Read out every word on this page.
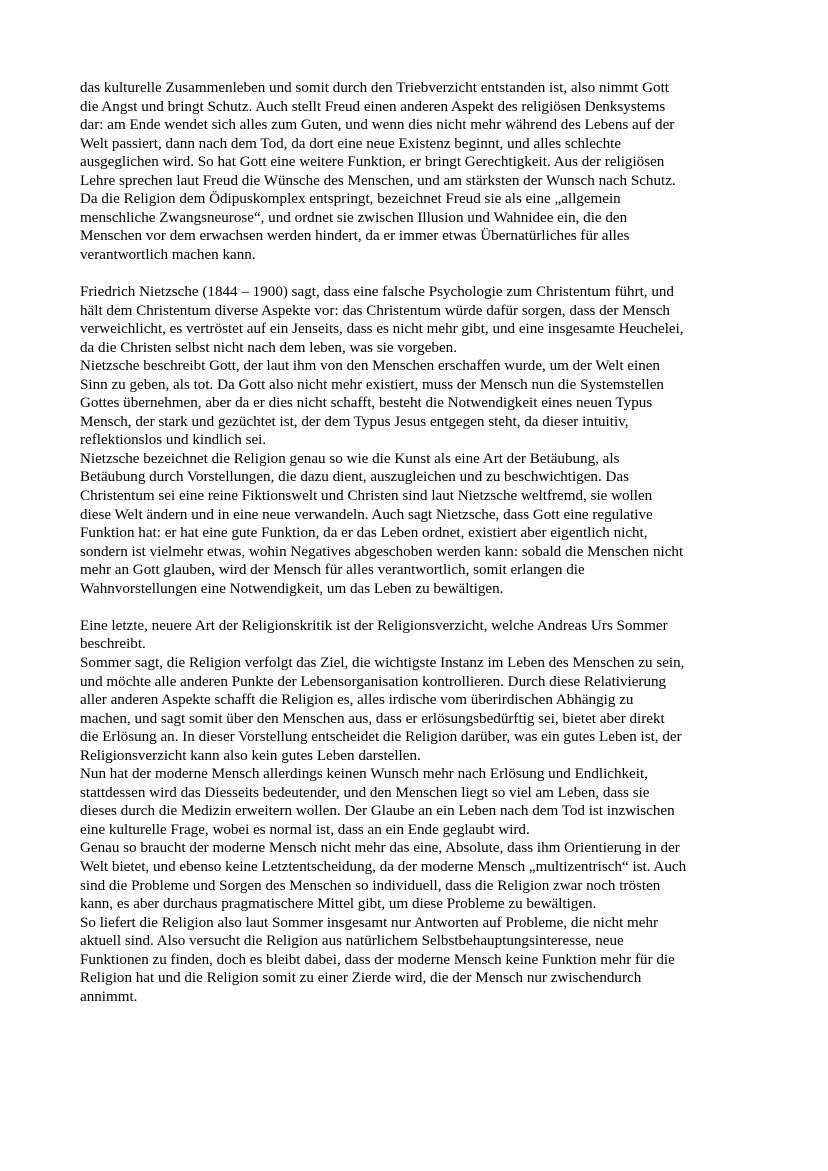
das kulturelle Zusammenleben und somit durch den Triebverzicht entstanden ist, also nimmt Gott
die Angst und bringt Schutz. Auch stellt Freud einen anderen Aspekt des religiösen Denksystems
dar: am Ende wendet sich alles zum Guten, und wenn dies nicht mehr während des Lebens auf der
Welt passiert, dann nach dem Tod, da dort eine neue Existenz beginnt, und alles schlechte
ausgeglichen wird. So hat Gott eine weitere Funktion, er bringt Gerechtigkeit. Aus der religiösen
Lehre sprechen laut Freud die Wünsche des Menschen, und am stärksten der Wunsch nach Schutz.
Da die Religion dem Ödipuskomplex entspringt, bezeichnet Freud sie als eine „allgemein
menschliche Zwangsneurose“, und ordnet sie zwischen Illusion und Wahnidee ein, die den
Menschen vor dem erwachsen werden hindert, da er immer etwas Übernatürliches für alles
verantwortlich machen kann.
Friedrich Nietzsche (1844 – 1900) sagt, dass eine falsche Psychologie zum Christentum führt, und
hält dem Christentum diverse Aspekte vor: das Christentum würde dafür sorgen, dass der Mensch
verweichlicht, es vertröstet auf ein Jenseits, dass es nicht mehr gibt, und eine insgesamte Heuchelei,
da die Christen selbst nicht nach dem leben, was sie vorgeben.
Nietzsche beschreibt Gott, der laut ihm von den Menschen erschaffen wurde, um der Welt einen
Sinn zu geben, als tot. Da Gott also nicht mehr existiert, muss der Mensch nun die Systemstellen
Gottes übernehmen, aber da er dies nicht schafft, besteht die Notwendigkeit eines neuen Typus
Mensch, der stark und gezüchtet ist, der dem Typus Jesus entgegen steht, da dieser intuitiv,
reflektionslos und kindlich sei.
Nietzsche bezeichnet die Religion genau so wie die Kunst als eine Art der Betäubung, als
Betäubung durch Vorstellungen, die dazu dient, auszugleichen und zu beschwichtigen. Das
Christentum sei eine reine Fiktionswelt und Christen sind laut Nietzsche weltfremd, sie wollen
diese Welt ändern und in eine neue verwandeln. Auch sagt Nietzsche, dass Gott eine regulative
Funktion hat: er hat eine gute Funktion, da er das Leben ordnet, existiert aber eigentlich nicht,
sondern ist vielmehr etwas, wohin Negatives abgeschoben werden kann: sobald die Menschen nicht
mehr an Gott glauben, wird der Mensch für alles verantwortlich, somit erlangen die
Wahnvorstellungen eine Notwendigkeit, um das Leben zu bewältigen.
Eine letzte, neuere Art der Religionskritik ist der Religionsverzicht, welche Andreas Urs Sommer
beschreibt.
Sommer sagt, die Religion verfolgt das Ziel, die wichtigste Instanz im Leben des Menschen zu sein,
und möchte alle anderen Punkte der Lebensorganisation kontrollieren. Durch diese Relativierung
aller anderen Aspekte schafft die Religion es, alles irdische vom überirdischen Abhängig zu
machen, und sagt somit über den Menschen aus, dass er erlösungsbedürftig sei, bietet aber direkt
die Erlösung an. In dieser Vorstellung entscheidet die Religion darüber, was ein gutes Leben ist, der
Religionsverzicht kann also kein gutes Leben darstellen.
Nun hat der moderne Mensch allerdings keinen Wunsch mehr nach Erlösung und Endlichkeit,
stattdessen wird das Diesseits bedeutender, und den Menschen liegt so viel am Leben, dass sie
dieses durch die Medizin erweitern wollen. Der Glaube an ein Leben nach dem Tod ist inzwischen
eine kulturelle Frage, wobei es normal ist, dass an ein Ende geglaubt wird.
Genau so braucht der moderne Mensch nicht mehr das eine, Absolute, dass ihm Orientierung in der
Welt bietet, und ebenso keine Letztentscheidung, da der moderne Mensch „multizentrisch“ ist. Auch
sind die Probleme und Sorgen des Menschen so individuell, dass die Religion zwar noch trösten
kann, es aber durchaus pragmatischere Mittel gibt, um diese Probleme zu bewältigen.
So liefert die Religion also laut Sommer insgesamt nur Antworten auf Probleme, die nicht mehr
aktuell sind. Also versucht die Religion aus natürlichem Selbstbehauptungsinteresse, neue
Funktionen zu finden, doch es bleibt dabei, dass der moderne Mensch keine Funktion mehr für die
Religion hat und die Religion somit zu einer Zierde wird, die der Mensch nur zwischendurch
annimmt.
